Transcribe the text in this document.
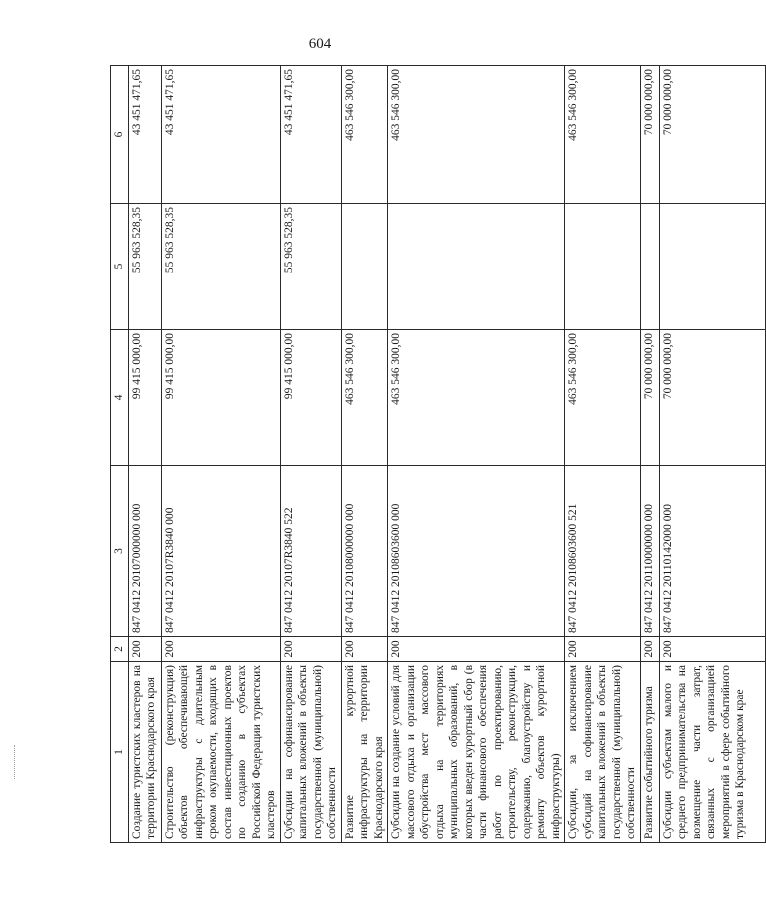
604
1	2	3	4	5	6
Создание туристских кластеров на территории Краснодарского края	200	847 0412 20107000000 000	99 415 000,00	55 963 528,35	43 451 471,65
Строительство (реконструкция) объектов обеспечивающей инфраструктуры с длительным сроком окупаемости, входящих в состав инвестиционных проектов по созданию в субъектах Российской Федерации туристских кластеров	200	847 0412 20107R3840 000	99 415 000,00	55 963 528,35	43 451 471,65
Субсидии на софинансирование капитальных вложений в объекты государственной (муниципальной) собственности	200	847 0412 20107R3840 522	99 415 000,00	55 963 528,35	43 451 471,65
Развитие курортной инфраструктуры на территории Краснодарского края	200	847 0412 20108000000 000	463 546 300,00		463 546 300,00
Субсидии на создание условий для массового отдыха и организации обустройства мест массового отдыха на территориях муниципальных образований, в которых введен курортный сбор (в части финансового обеспечения работ по проектированию, строительству, реконструкции, содержанию, благоустройству и ремонту объектов курортной инфраструктуры)	200	847 0412 20108603600 000	463 546 300,00		463 546 300,00
Субсидии, за исключением субсидий на софинансирование капитальных вложений в объекты государственной (муниципальной) собственности	200	847 0412 20108603600 521	463 546 300,00		463 546 300,00
Развитие событийного туризма	200	847 0412 20110000000 000	70 000 000,00		70 000 000,00
Субсидии субъектам малого и среднего предпринимательства на возмещение части затрат, связанных с организацией мероприятий в сфере событийного туризма в Краснодарском крае	200	847 0412 20110142000 000	70 000 000,00		70 000 000,00
